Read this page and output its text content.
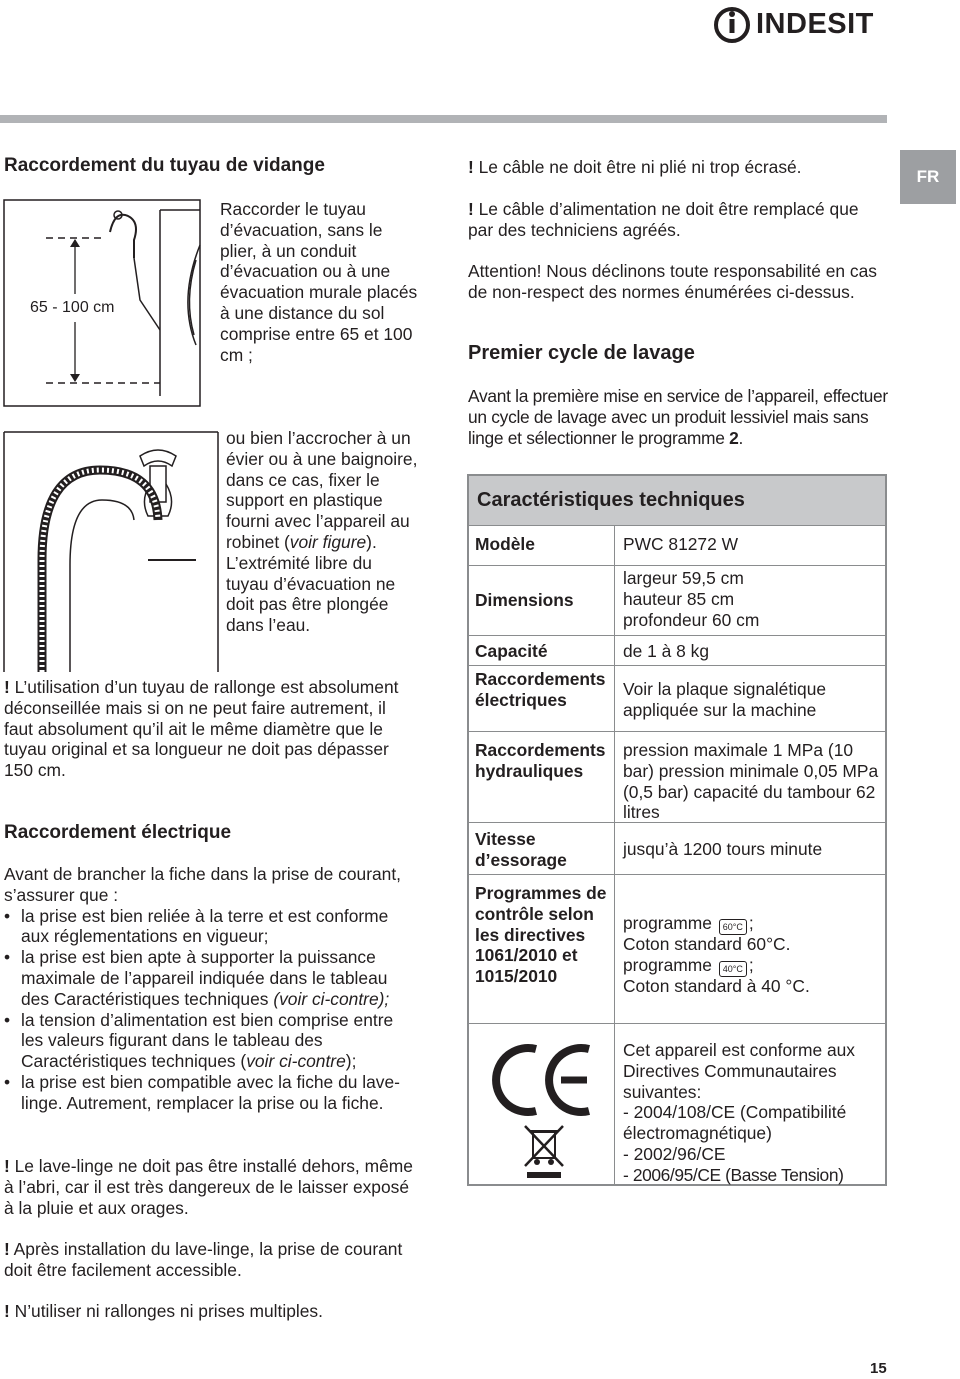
INDESIT
FR
Raccordement du tuyau de vidange
65 - 100 cm
Raccorder le tuyau d’évacuation, sans le plier, à un conduit d’évacuation ou à une évacuation murale placés à une distance du sol comprise entre 65 et 100 cm ;
ou bien l’accrocher à un évier ou à une baignoire, dans ce cas, fixer le support en plastique fourni avec l’appareil au robinet (voir figure). L’extrémité libre du tuyau d’évacuation ne doit pas être plongée dans l’eau.
! L’utilisation d’un tuyau de rallonge est absolument déconseillée mais si on ne peut faire autrement, il faut absolument qu’il ait le même diamètre que le tuyau original et sa longueur ne doit pas dépasser 150 cm.
Raccordement électrique

Avant de brancher la fiche dans la prise de courant, s’assurer que :

• la prise est bien reliée à la terre et est conforme aux réglementations en vigueur;
• la prise est bien apte à supporter la puissance maximale de l’appareil indiquée dans le tableau des Caractéristiques techniques (voir ci-contre);
• la tension d’alimentation est bien comprise entre les valeurs figurant dans le tableau des Caractéristiques techniques (voir ci-contre);
• la prise est bien compatible avec la fiche du lave-linge. Autrement, remplacer la prise ou la fiche.
! Le lave-linge ne doit pas être installé dehors, même à l’abri, car il est très dangereux de le laisser exposé à la pluie et aux orages.
! Après installation du lave-linge, la prise de courant doit être facilement accessible.
! N’utiliser ni rallonges ni prises multiples.
! Le câble ne doit être ni plié ni trop écrasé.
! Le câble d’alimentation ne doit être remplacé que par des techniciens agréés.
Attention! Nous déclinons toute responsabilité en cas de non-respect des normes énumérées ci-dessus.
Premier cycle de lavage
Avant la première mise en service de l’appareil, effectuer un cycle de lavage avec un produit lessiviel mais sans linge et sélectionner le programme 2.
Caractéristiques techniques
Modèle	PWC 81272 W
Dimensions
largeur 59,5 cm
hauteur 85 cm
profondeur 60 cm
Capacité	de 1 à 8 kg
Raccordements électriques
Voir la plaque signalétique appliquée sur la machine
Raccordements hydrauliques
pression maximale 1 MPa (10 bar) pression minimale 0,05 MPa (0,5 bar) capacité du tambour 62 litres
Vitesse d’essorage
jusqu’à 1200 tours minute
Programmes de contrôle selon les directives 1061/2010 et 1015/2010
programme 60°C ;
Coton standard 60°C.
programme 40°C ;
Coton standard à 40 °C.
Cet appareil est conforme aux Directives Communautaires suivantes:
- 2004/108/CE (Compatibilité électromagnétique)
- 2002/96/CE
- 2006/95/CE (Basse Tension)
15
